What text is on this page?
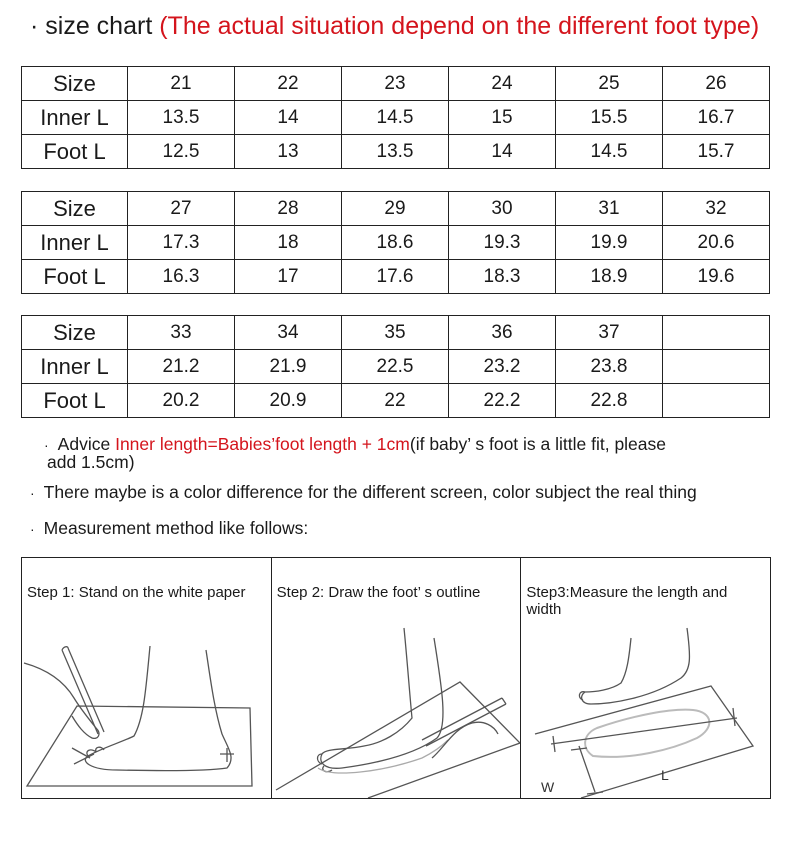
· size chart (The actual situation depend on the different foot type)
Size	21	22	23	24	25	26
Inner L	13.5	14	14.5	15	15.5	16.7
Foot L	12.5	13	13.5	14	14.5	15.7
Size	27	28	29	30	31	32
Inner L	17.3	18	18.6	19.3	19.9	20.6
Foot L	16.3	17	17.6	18.3	18.9	19.6
Size	33	34	35	36	37	
Inner L	21.2	21.9	22.5	23.2	23.8	
Foot L	20.2	20.9	22	22.2	22.8	
· Advice Inner length=Babies’foot length + 1cm(if baby’ s foot is a little fit, please
add 1.5cm)
· There maybe is a color difference for the different screen, color subject the real thing
· Measurement method like follows:
Step 1: Stand on the white paper Step 2: Draw the foot’ s outline	Step3:Measure the length and
width
W
L
